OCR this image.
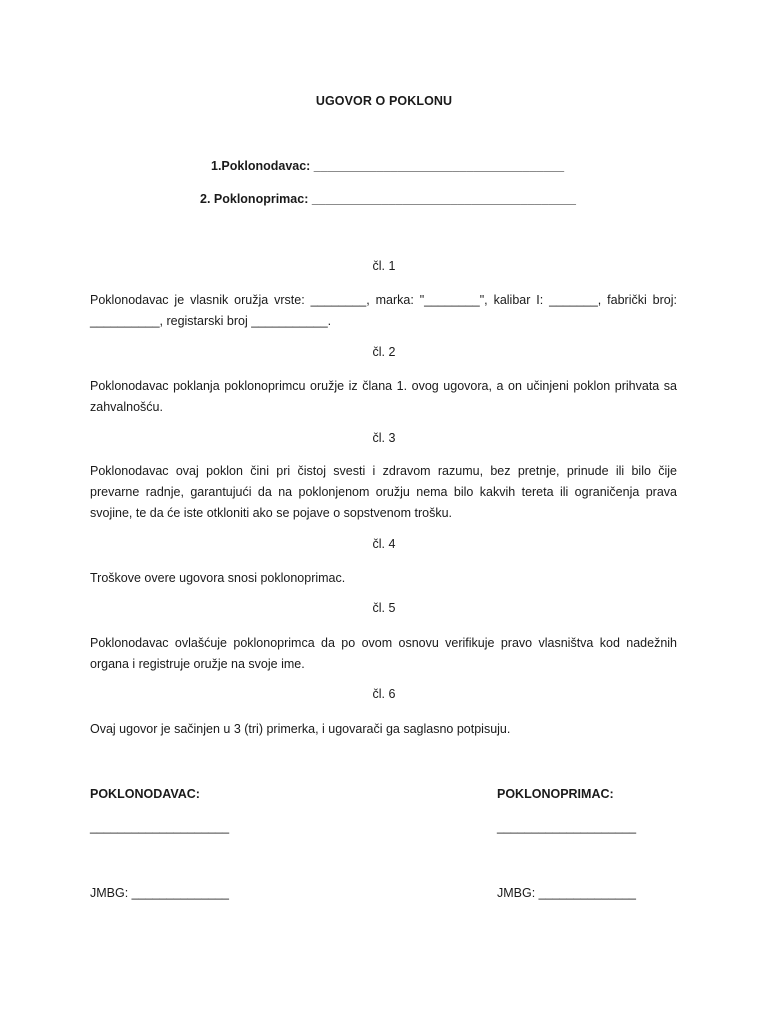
UGOVOR O POKLONU
1.Poklonodavac: ____________________________________
2. Poklonoprimac: ______________________________________
čl. 1
Poklonodavac je vlasnik oružja vrste: ________, marka: "________", kalibar I: _______, fabrički broj:
__________, registarski broj ___________.
čl. 2
Poklonodavac poklanja poklonoprimcu oružje iz člana 1. ovog ugovora, a on učinjeni poklon prihvata sa
zahvalnošću.
čl. 3
Poklonodavac ovaj poklon čini pri čistoj svesti i zdravom razumu, bez pretnje, prinude ili bilo čije
prevarne radnje, garantujući da na poklonjenom oružju nema bilo kakvih tereta ili ograničenja prava
svojine, te da će iste otkloniti ako se pojave o sopstvenom trošku.
čl. 4
Troškove overe ugovora snosi poklonoprimac.
čl. 5
Poklonodavac ovlašćuje poklonoprimca da po ovom osnovu verifikuje pravo vlasništva kod nadežnih
organa i registruje oružje na svoje ime.
čl. 6
Ovaj ugovor je sačinjen u 3 (tri) primerka, i ugovarači ga saglasno potpisuju.
POKLONODAVAC:
____________________
JMBG: ______________
POKLONOPRIMAC:
____________________
JMBG: ______________
